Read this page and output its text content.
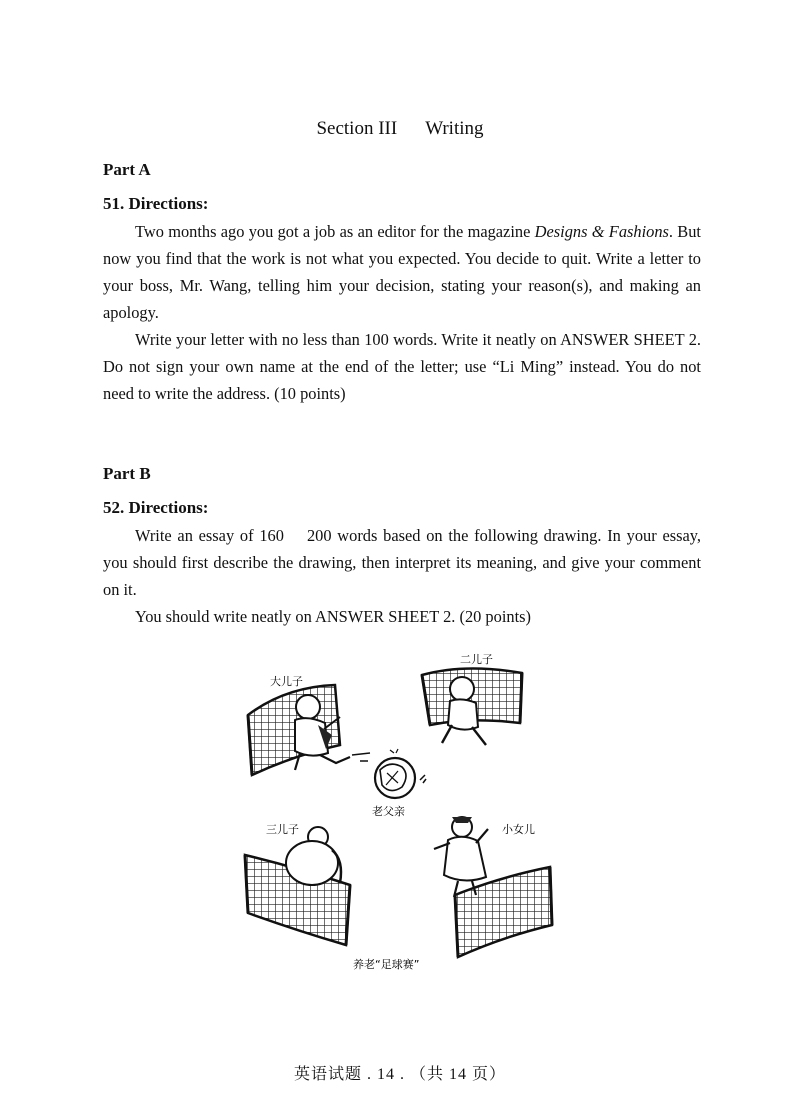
Section III Writing
Part A
51. Directions:

Two months ago you got a job as an editor for the magazine Designs & Fashions. But now you find that the work is not what you expected. You decide to quit. Write a letter to your boss, Mr. Wang, telling him your decision, stating your reason(s), and making an apology.

Write your letter with no less than 100 words. Write it neatly on ANSWER SHEET 2. Do not sign your own name at the end of the letter; use “Li Ming” instead. You do not need to write the address. (10 points)

Part B
52. Directions:

Write an essay of 160    200 words based on the following drawing. In your essay, you should first describe the drawing, then interpret its meaning, and give your comment on it.

You should write neatly on ANSWER SHEET 2. (20 points)

大儿子
二儿子
老父亲
三儿子	小女儿
养老“足球赛”
英语试题 . 14 . （共 14 页）
